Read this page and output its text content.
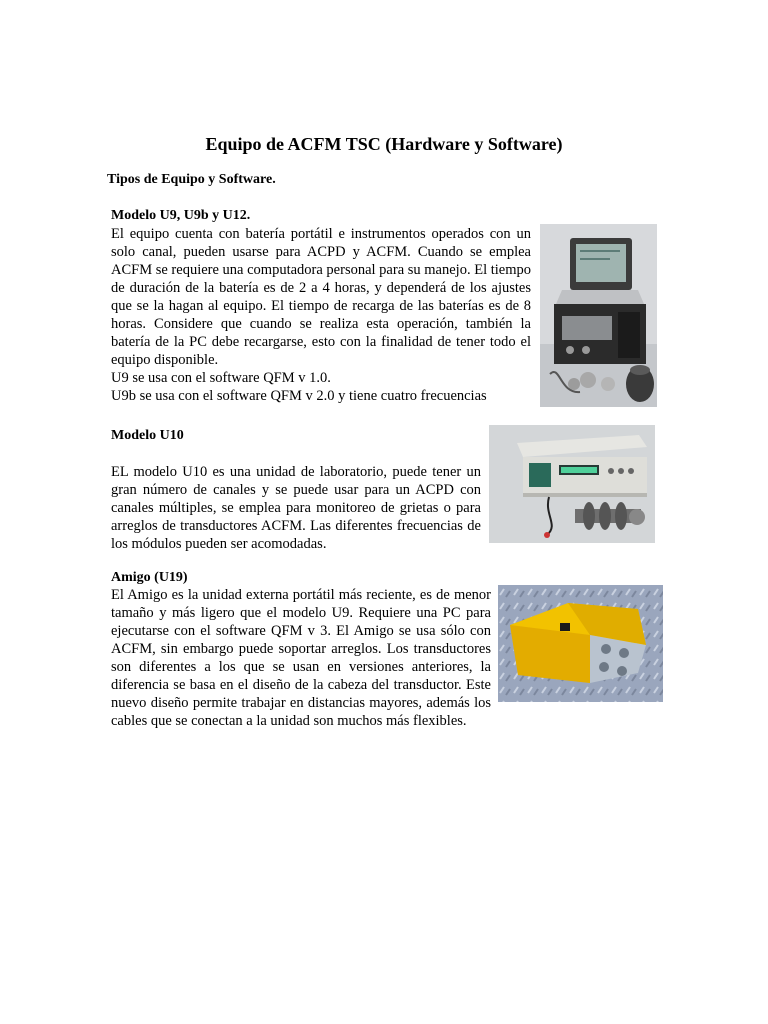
Equipo de ACFM TSC (Hardware y Software)

Tipos de Equipo y Software.

Modelo U9, U9b y U12.

El equipo cuenta con batería portátil e instrumentos operados con un solo canal, pueden usarse para ACPD y ACFM. Cuando se emplea ACFM se requiere una computadora personal para su manejo. El tiempo de duración de la batería es de 2 a 4 horas, y dependerá de los ajustes que se la hagan al equipo. El tiempo de recarga de las baterías es de 8 horas. Considere que cuando se realiza esta operación, también la batería de la PC debe recargarse, esto con la finalidad de tener todo el equipo disponible.

U9 se usa con el software QFM v 1.0.

U9b se usa con el software QFM v 2.0 y tiene cuatro frecuencias

Modelo U10

EL modelo U10 es una unidad de laboratorio, puede tener un gran número de canales y se puede usar para un ACPD con canales múltiples, se emplea para monitoreo de grietas o para arreglos de transductores ACFM. Las diferentes frecuencias de los módulos pueden ser acomodadas.

Amigo (U19)

El Amigo es la unidad externa portátil más reciente, es de menor tamaño y más ligero que el modelo U9. Requiere una PC para ejecutarse con el software QFM v 3. El Amigo se usa sólo con ACFM, sin embargo puede soportar arreglos. Los transductores son diferentes a los que se usan en versiones anteriores, la diferencia se basa en el diseño de la cabeza del transductor. Este nuevo diseño permite trabajar en distancias mayores, además los cables que se conectan a la unidad son muchos más flexibles.
